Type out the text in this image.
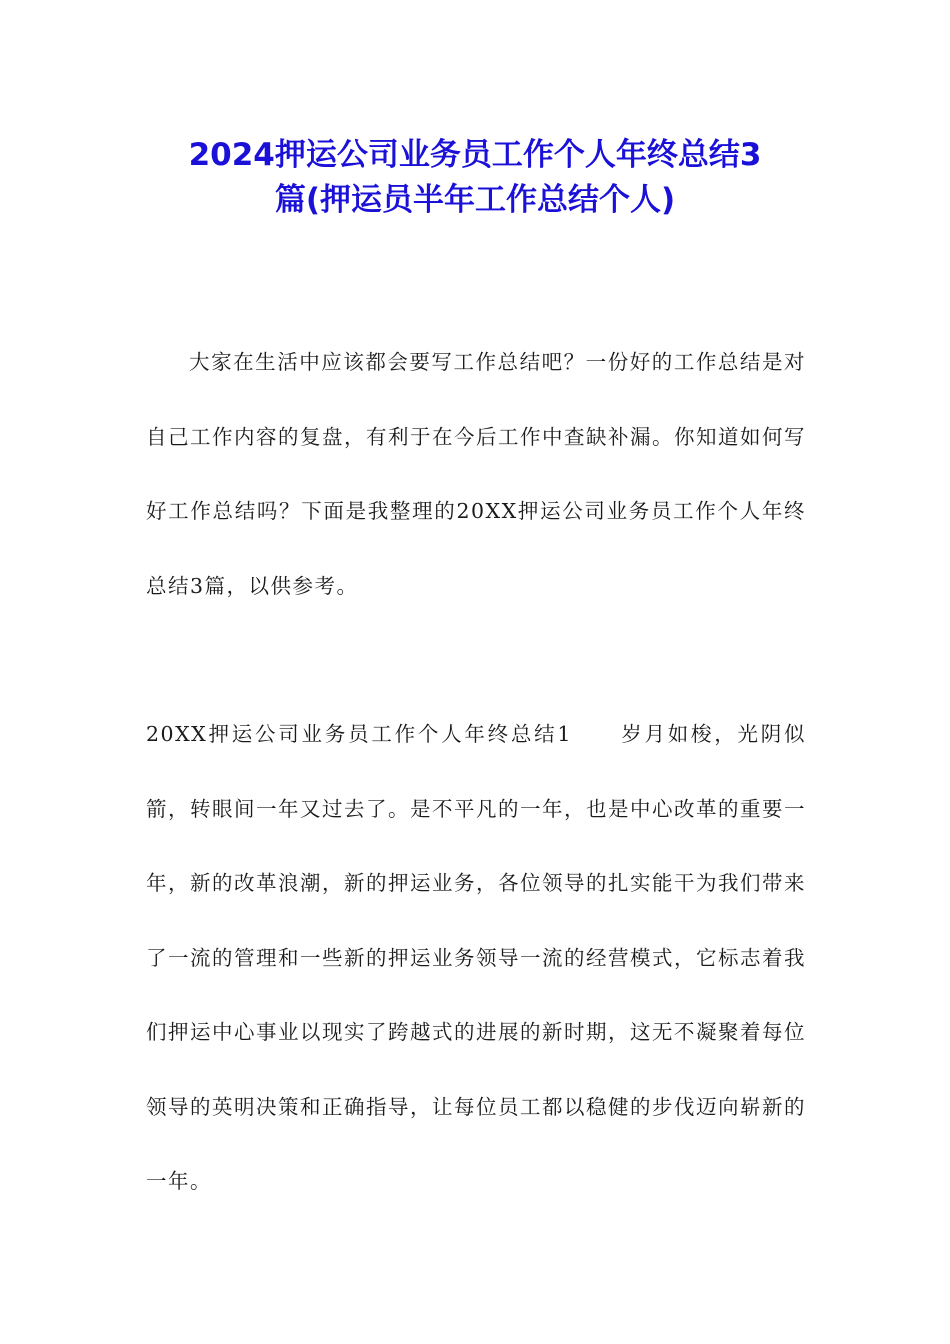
2024押运公司业务员工作个人年终总结3
篇(押运员半年工作总结个人)

大家在生活中应该都会要写工作总结吧？一份好的工作总结是对自己工作内容的复盘，有利于在今后工作中查缺补漏。你知道如何写好工作总结吗？下面是我整理的20XX押运公司业务员工作个人年终总结3篇，以供参考。

20XX押运公司业务员工作个人年终总结1 岁月如梭，光阴似箭，转眼间一年又过去了。是不平凡的一年，也是中心改革的重要一年，新的改革浪潮，新的押运业务，各位领导的扎实能干为我们带来了一流的管理和一些新的押运业务领导一流的经营模式，它标志着我们押运中心事业以现实了跨越式的进展的新时期，这无不凝聚着每位领导的英明决策和正确指导，让每位员工都以稳健的步伐迈向崭新的一年。
